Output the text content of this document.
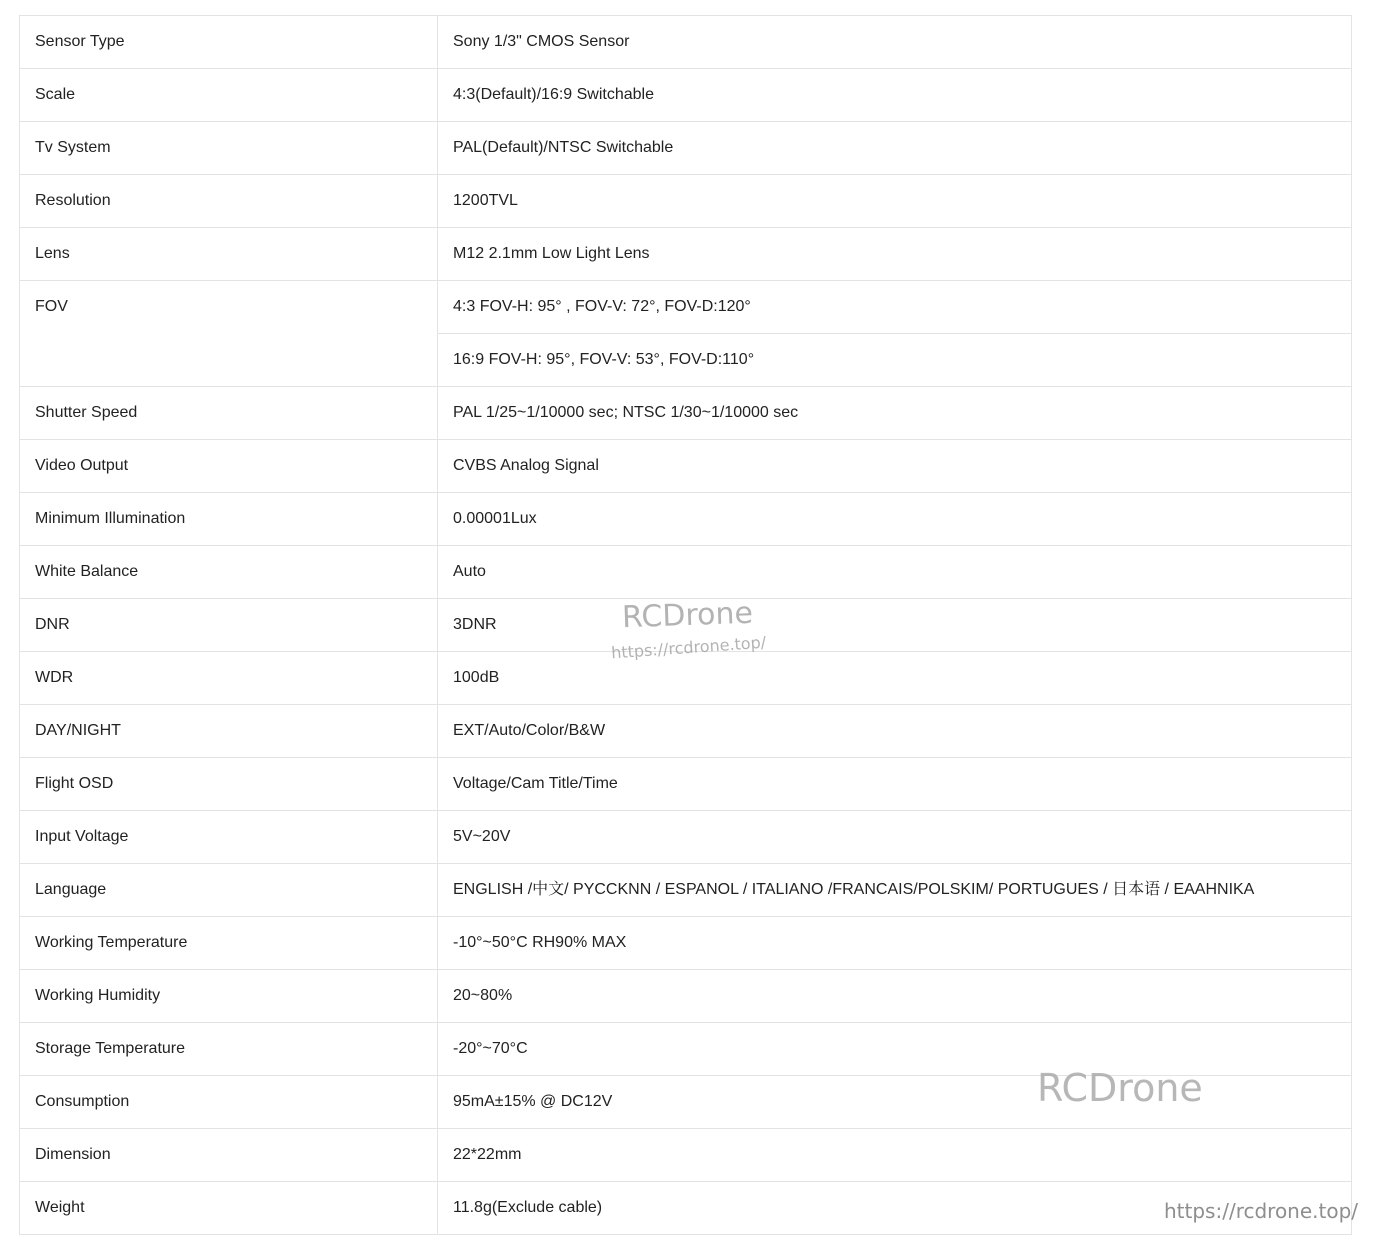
Sensor Type	Sony 1/3" CMOS Sensor
Scale	4:3(Default)/16:9 Switchable
Tv System	PAL(Default)/NTSC Switchable
Resolution	1200TVL
Lens	M12 2.1mm Low Light Lens
FOV	4:3 FOV-H: 95° , FOV-V: 72°, FOV-D:120°
	16:9 FOV-H: 95°, FOV-V: 53°, FOV-D:110°
Shutter Speed	PAL 1/25~1/10000 sec; NTSC 1/30~1/10000 sec
Video Output	CVBS Analog Signal
Minimum Illumination	0.00001Lux
White Balance	Auto
DNR	3DNR
WDR	100dB
DAY/NIGHT	EXT/Auto/Color/B&W
Flight OSD	Voltage/Cam Title/Time
Input Voltage	5V~20V
Language	ENGLISH /中文/ PYCCKNN / ESPANOL / ITALIANO /FRANCAIS/POLSKIM/ PORTUGUES / 日本语 / EAAHNIKA
Working Temperature	-10°~50°C RH90% MAX
Working Humidity	20~80%
Storage Temperature	-20°~70°C
Consumption	95mA±15% @ DC12V
Dimension	22*22mm
Weight	11.8g(Exclude cable)
RCDrone
https://rcdrone.top/
RCDrone
https://rcdrone.top/
